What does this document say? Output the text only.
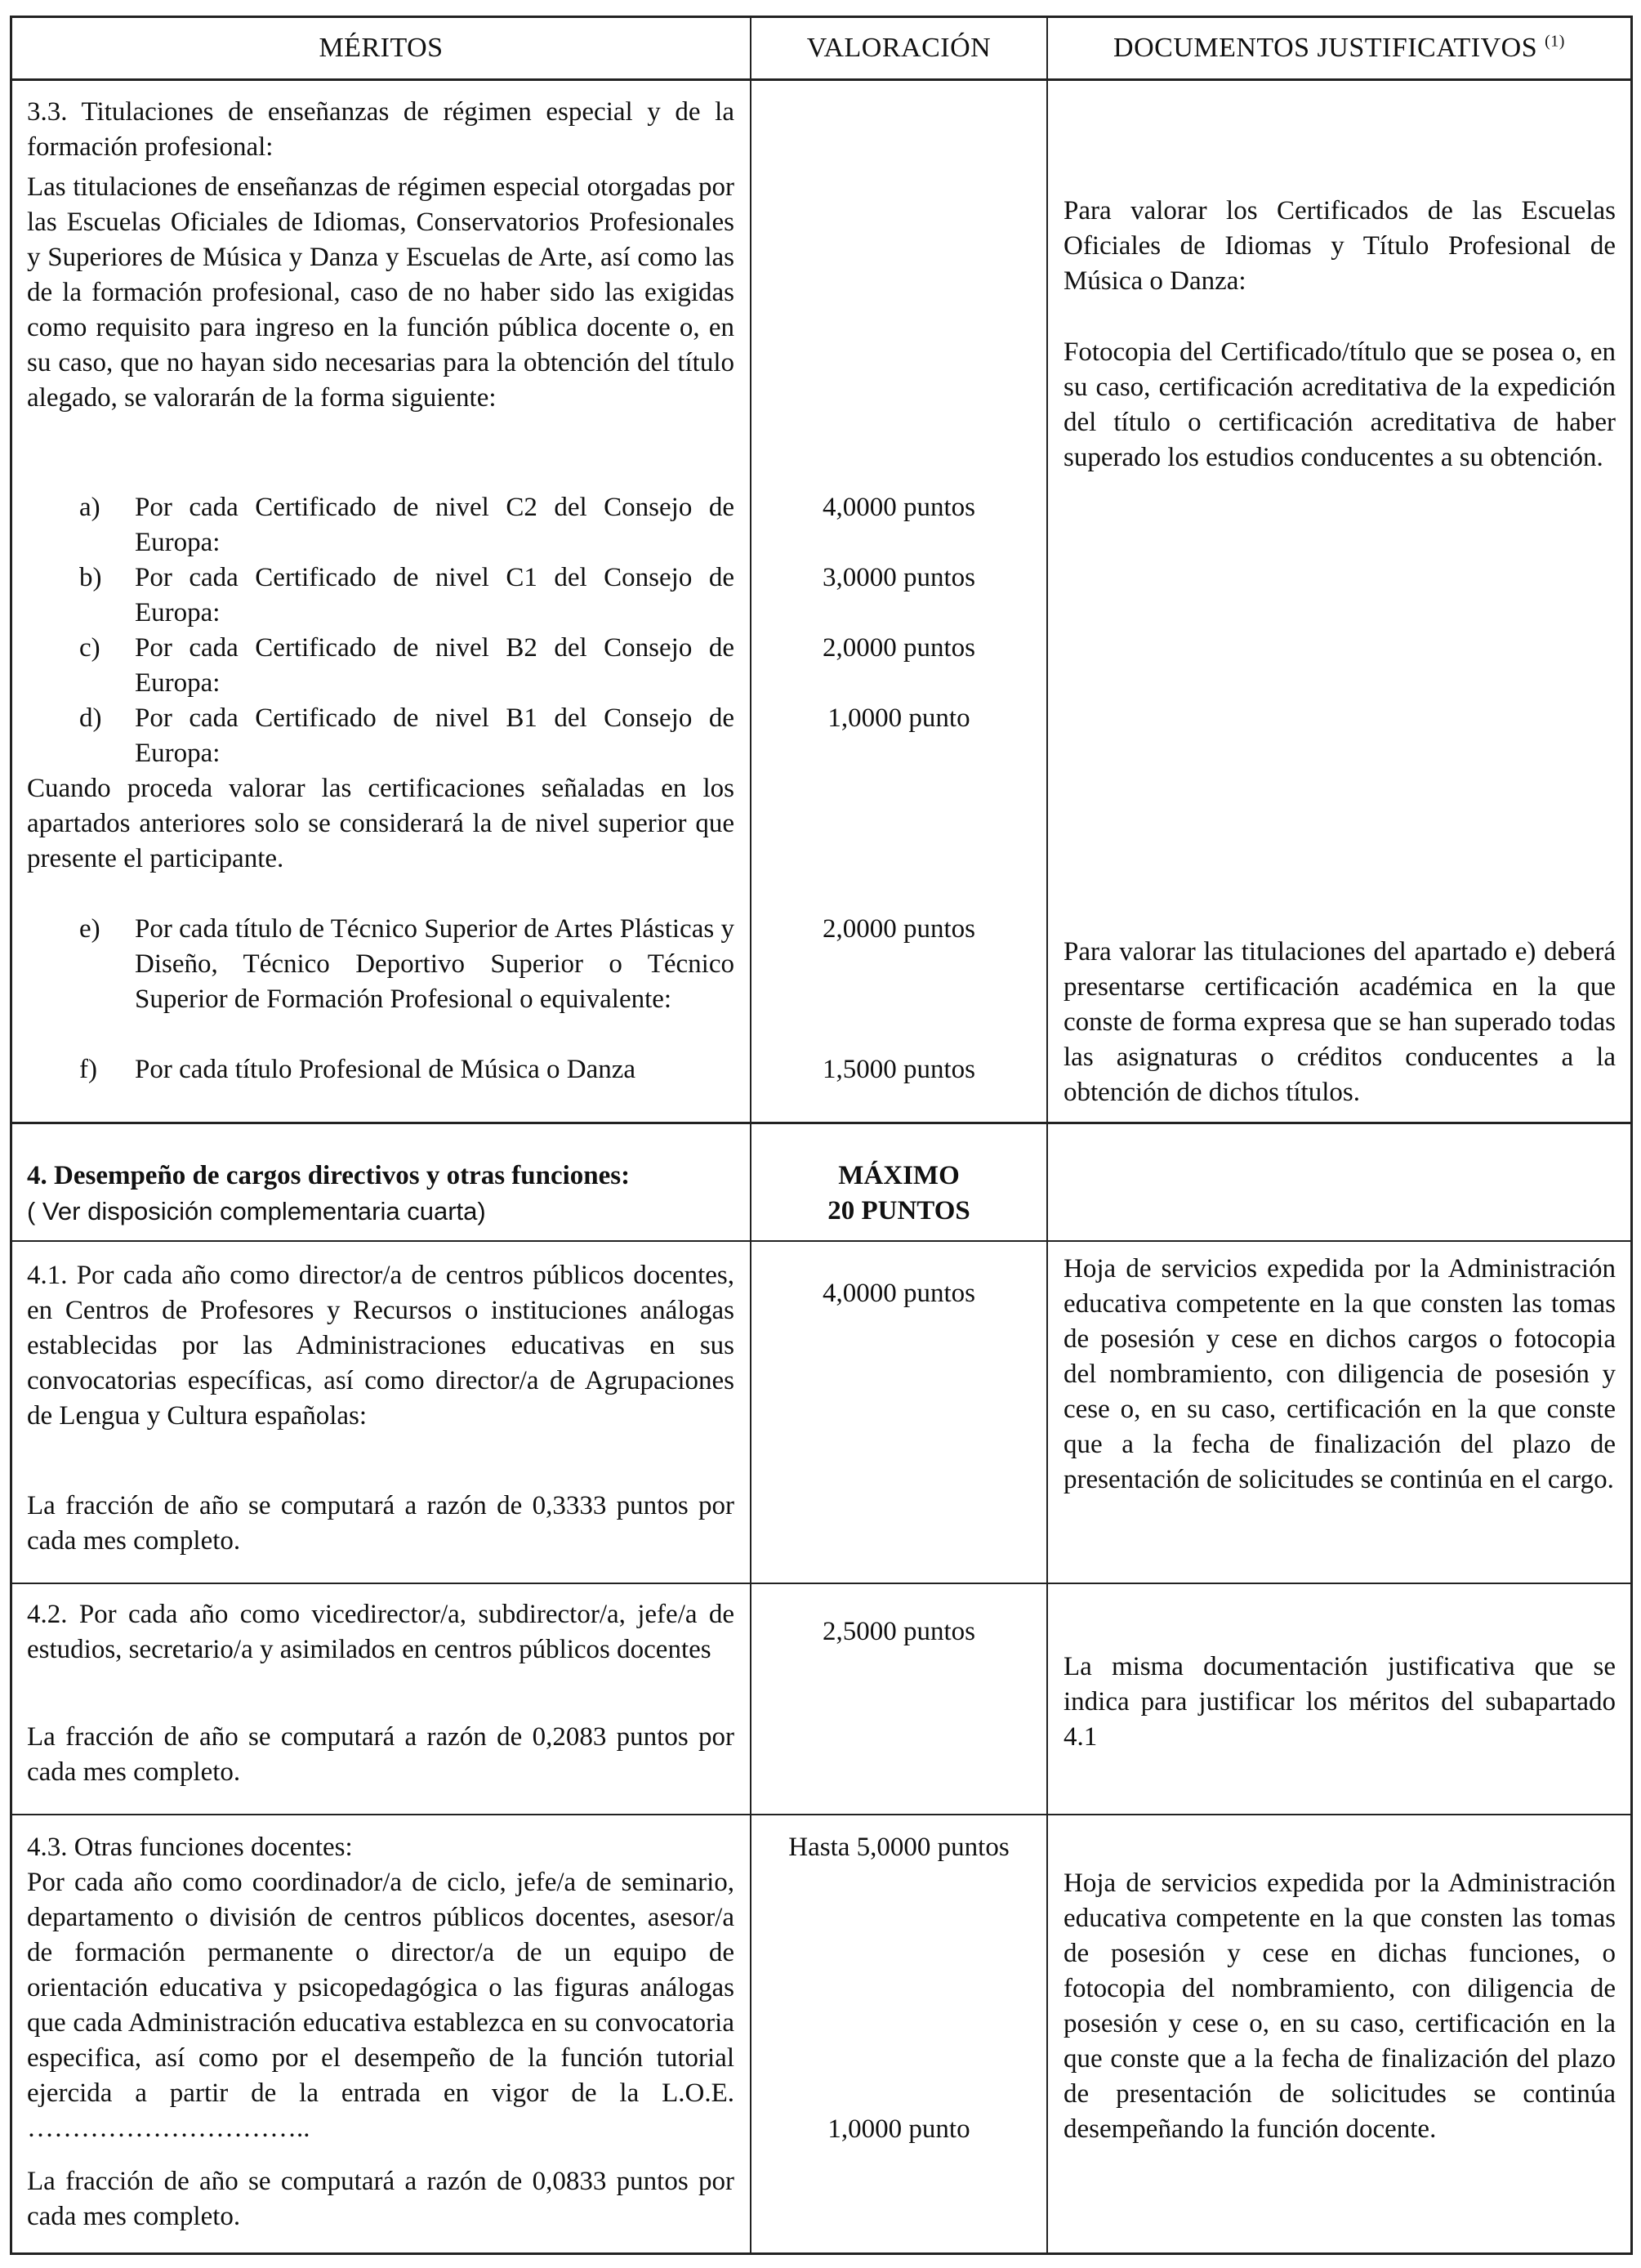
MÉRITOS	VALORACIÓN	DOCUMENTOS JUSTIFICATIVOS $^{(1)}$
3.3. Titulaciones de enseñanzas de régimen especial y de la formación profesional:
Las titulaciones de enseñanzas de régimen especial otorgadas por las Escuelas Oficiales de Idiomas, Conservatorios Profesionales y Superiores de Música y Danza y Escuelas de Arte, así como las de la formación profesional, caso de no haber sido las exigidas como requisito para ingreso en la función pública docente o, en su caso, que no hayan sido necesarias para la obtención del título alegado, se valorarán de la forma siguiente:
a) Por cada Certificado de nivel C2 del Consejo de Europa:
b) Por cada Certificado de nivel C1 del Consejo de Europa:
c) Por cada Certificado de nivel B2 del Consejo de Europa:
d) Por cada Certificado de nivel B1 del Consejo de Europa:
Cuando proceda valorar las certificaciones señaladas en los apartados anteriores solo se considerará la de nivel superior que presente el participante.
e) Por cada título de Técnico Superior de Artes Plásticas y Diseño, Técnico Deportivo Superior o Técnico Superior de Formación Profesional o equivalente:
f) Por cada título Profesional de Música o Danza
4,0000 puntos
3,0000 puntos
2,0000 puntos
1,0000 punto
2,0000 puntos
1,5000 puntos
Para valorar los Certificados de las Escuelas Oficiales de Idiomas y Título Profesional de Música o Danza:
Fotocopia del Certificado/título que se posea o, en su caso, certificación acreditativa de la expedición del título o certificación acreditativa de haber superado los estudios conducentes a su obtención.
Para valorar las titulaciones del apartado e) deberá presentarse certificación académica en la que conste de forma expresa que se han superado todas las asignaturas o créditos conducentes a la obtención de dichos títulos.
4. Desempeño de cargos directivos y otras funciones:
( Ver disposición complementaria cuarta)
MÁXIMO
20 PUNTOS
4.1. Por cada año como director/a de centros públicos docentes, en Centros de Profesores y Recursos o instituciones análogas establecidas por las Administraciones educativas en sus convocatorias específicas, así como director/a de Agrupaciones de Lengua y Cultura españolas:
La fracción de año se computará a razón de 0,3333 puntos por cada mes completo.
4,0000 puntos
Hoja de servicios expedida por la Administración educativa competente en la que consten las tomas de posesión y cese en dichos cargos o fotocopia del nombramiento, con diligencia de posesión y cese o, en su caso, certificación en la que conste que a la fecha de finalización del plazo de presentación de solicitudes se continúa en el cargo.
4.2. Por cada año como vicedirector/a, subdirector/a, jefe/a de estudios, secretario/a y asimilados en centros públicos docentes
La fracción de año se computará a razón de 0,2083 puntos por cada mes completo.
2,5000 puntos
La misma documentación justificativa que se indica para justificar los méritos del subapartado 4.1
4.3. Otras funciones docentes:
Por cada año como coordinador/a de ciclo, jefe/a de seminario, departamento o división de centros públicos docentes, asesor/a de formación permanente o director/a de un equipo de orientación educativa y psicopedagógica o las figuras análogas que cada Administración educativa establezca en su convocatoria especifica, así como por el desempeño de la función tutorial ejercida a partir de la entrada en vigor de la L.O.E. …………………………..
La fracción de año se computará a razón de 0,0833 puntos por cada mes completo.
Hasta 5,0000 puntos
1,0000 punto
Hoja de servicios expedida por la Administración educativa competente en la que consten las tomas de posesión y cese en dichas funciones, o fotocopia del nombramiento, con diligencia de posesión y cese o, en su caso, certificación en la que conste que a la fecha de finalización del plazo de presentación de solicitudes se continúa desempeñando la función docente.
